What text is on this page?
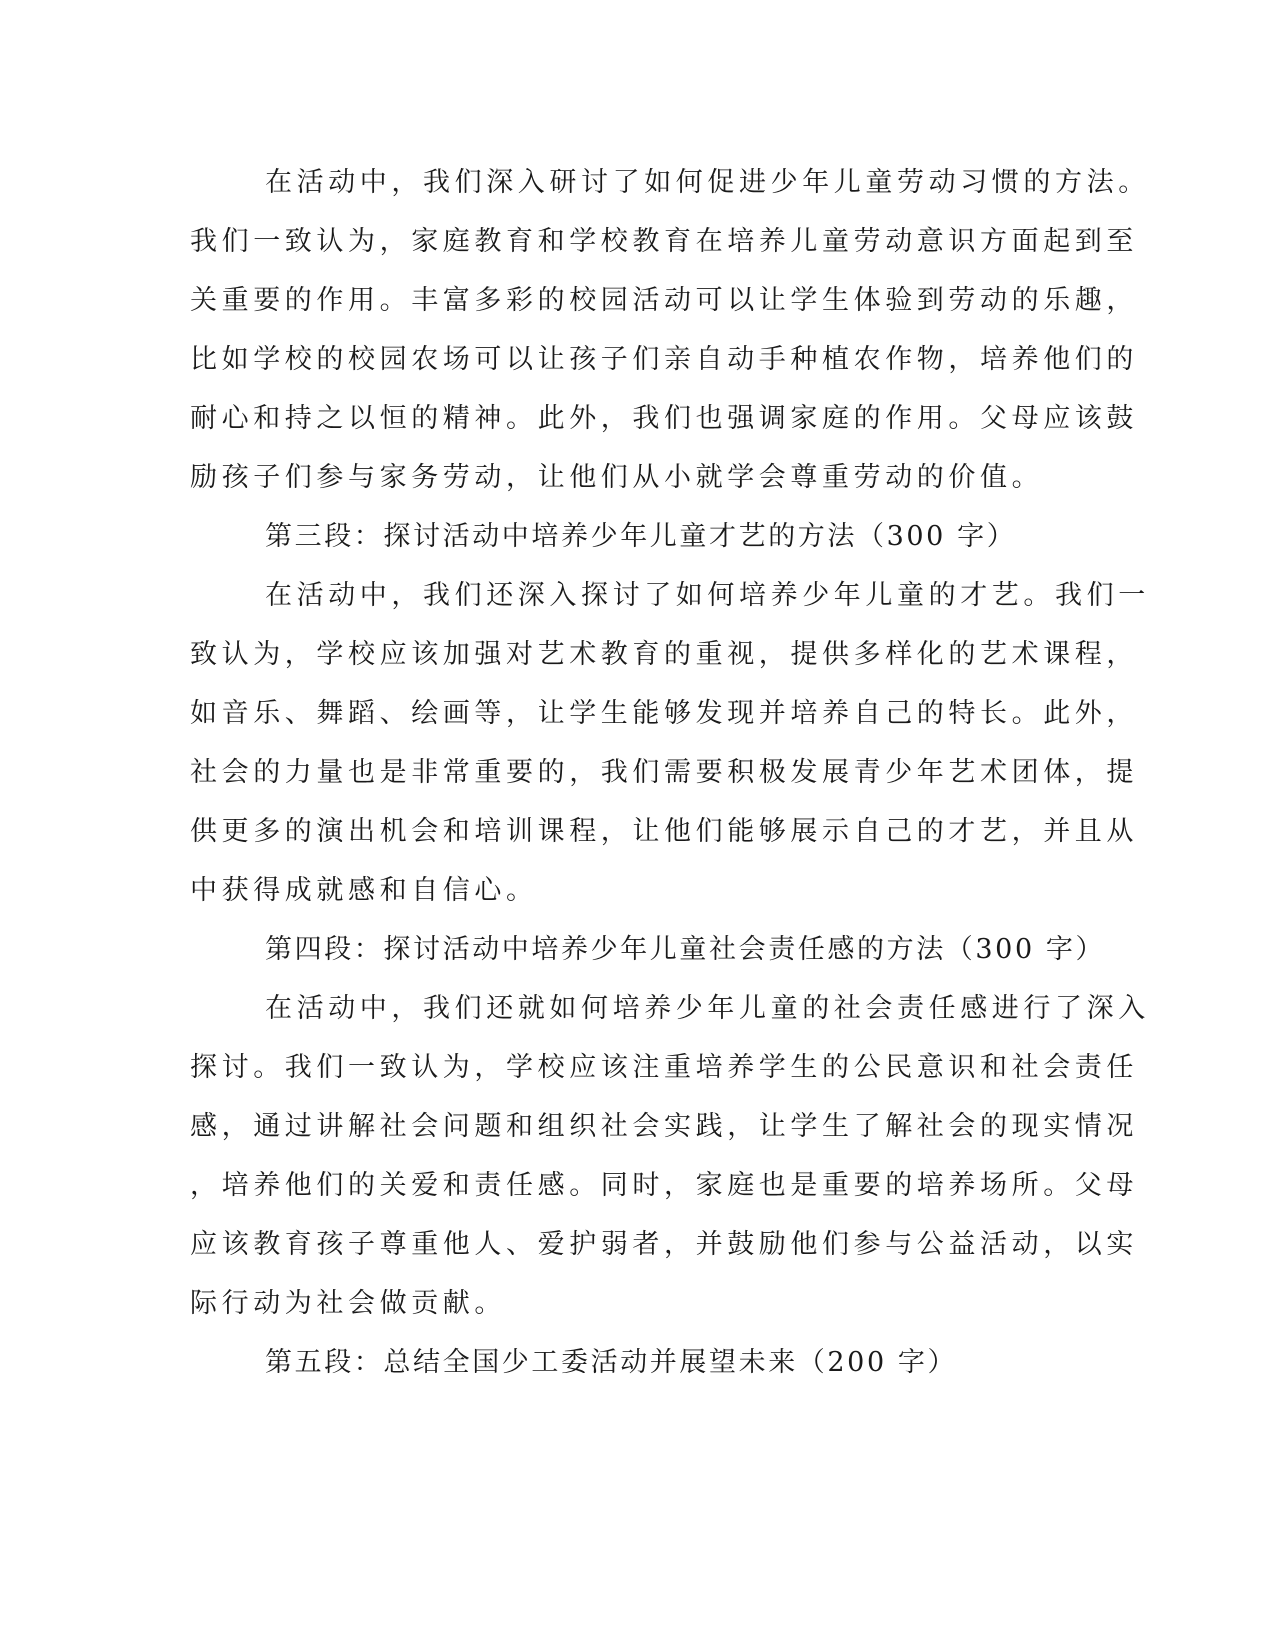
在活动中，我们深入研讨了如何促进少年儿童劳动习惯的方法。
我们一致认为，家庭教育和学校教育在培养儿童劳动意识方面起到至
关重要的作用。丰富多彩的校园活动可以让学生体验到劳动的乐趣，
比如学校的校园农场可以让孩子们亲自动手种植农作物，培养他们的
耐心和持之以恒的精神。此外，我们也强调家庭的作用。父母应该鼓
励孩子们参与家务劳动，让他们从小就学会尊重劳动的价值。
第三段：探讨活动中培养少年儿童才艺的方法（300 字）
在活动中，我们还深入探讨了如何培养少年儿童的才艺。我们一
致认为，学校应该加强对艺术教育的重视，提供多样化的艺术课程，
如音乐、舞蹈、绘画等，让学生能够发现并培养自己的特长。此外，
社会的力量也是非常重要的，我们需要积极发展青少年艺术团体，提
供更多的演出机会和培训课程，让他们能够展示自己的才艺，并且从
中获得成就感和自信心。
第四段：探讨活动中培养少年儿童社会责任感的方法（300 字）
在活动中，我们还就如何培养少年儿童的社会责任感进行了深入
探讨。我们一致认为，学校应该注重培养学生的公民意识和社会责任
感，通过讲解社会问题和组织社会实践，让学生了解社会的现实情况
，培养他们的关爱和责任感。同时，家庭也是重要的培养场所。父母
应该教育孩子尊重他人、爱护弱者，并鼓励他们参与公益活动，以实
际行动为社会做贡献。
第五段：总结全国少工委活动并展望未来（200 字）
